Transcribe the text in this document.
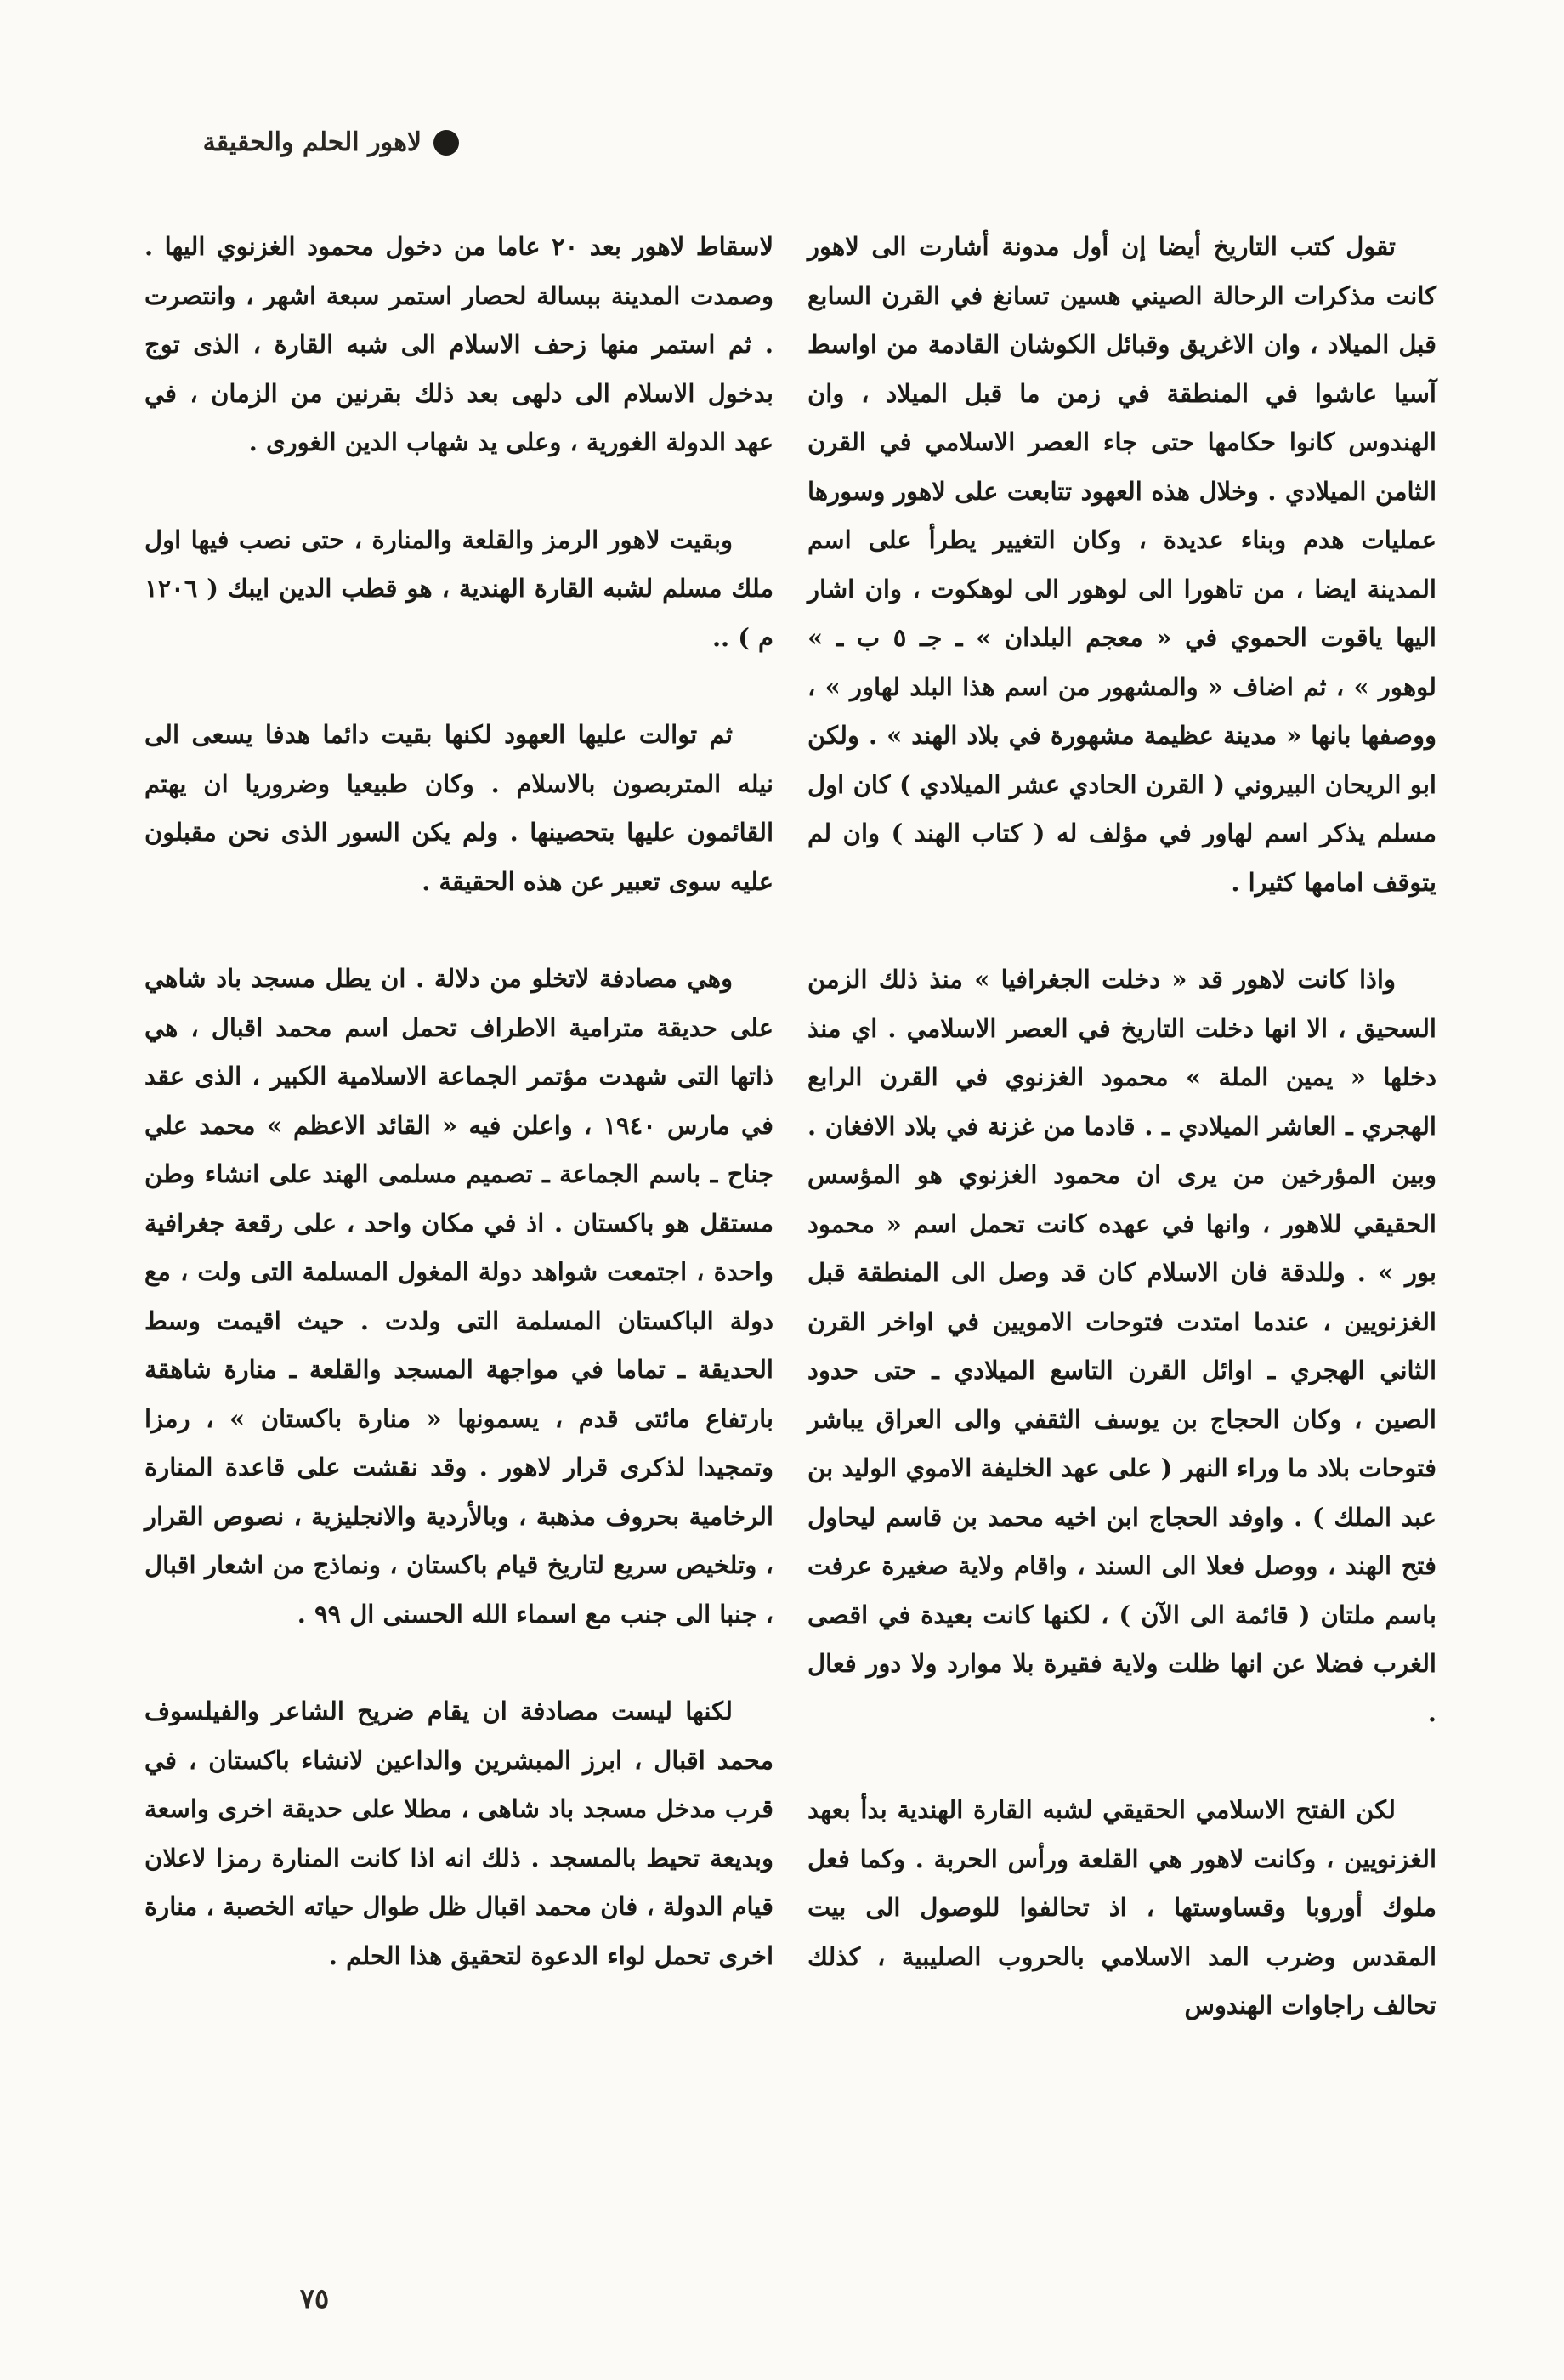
لاهور الحلم والحقيقة

تقول كتب التاريخ أيضا إن أول مدونة أشارت الى لاهور كانت مذكرات الرحالة الصيني هسين تسانغ في القرن السابع قبل الميلاد ، وان الاغريق وقبائل الكوشان القادمة من اواسط آسيا عاشوا في المنطقة في زمن ما قبل الميلاد ، وان الهندوس كانوا حكامها حتى جاء العصر الاسلامي في القرن الثامن الميلادي . وخلال هذه العهود تتابعت على لاهور وسورها عمليات هدم وبناء عديدة ، وكان التغيير يطرأ على اسم المدينة ايضا ، من تاهورا الى لوهور الى لوهكوت ، وان اشار اليها ياقوت الحموي في « معجم البلدان » ـ جـ ٥ ب ـ » لوهور » ، ثم اضاف « والمشهور من اسم هذا البلد لهاور » ، ووصفها بانها « مدينة عظيمة مشهورة في بلاد الهند » . ولكن ابو الريحان البيروني ( القرن الحادي عشر الميلادي ) كان اول مسلم يذكر اسم لهاور في مؤلف له ( كتاب الهند ) وان لم يتوقف امامها كثيرا .

واذا كانت لاهور قد « دخلت الجغرافيا » منذ ذلك الزمن السحيق ، الا انها دخلت التاريخ في العصر الاسلامي . اي منذ دخلها « يمين الملة » محمود الغزنوي في القرن الرابع الهجري ـ العاشر الميلادي ـ . قادما من غزنة في بلاد الافغان . وبين المؤرخين من يرى ان محمود الغزنوي هو المؤسس الحقيقي للاهور ، وانها في عهده كانت تحمل اسم « محمود بور » . وللدقة فان الاسلام كان قد وصل الى المنطقة قبل الغزنويين ، عندما امتدت فتوحات الامويين في اواخر القرن الثاني الهجري ـ اوائل القرن التاسع الميلادي ـ حتى حدود الصين ، وكان الحجاج بن يوسف الثقفي والى العراق يباشر فتوحات بلاد ما وراء النهر ( على عهد الخليفة الاموي الوليد بن عبد الملك ) . واوفد الحجاج ابن اخيه محمد بن قاسم ليحاول فتح الهند ، ووصل فعلا الى السند ، واقام ولاية صغيرة عرفت باسم ملتان ( قائمة الى الآن ) ، لكنها كانت بعيدة في اقصى الغرب فضلا عن انها ظلت ولاية فقيرة بلا موارد ولا دور فعال .

لكن الفتح الاسلامي الحقيقي لشبه القارة الهندية بدأ بعهد الغزنويين ، وكانت لاهور هي القلعة ورأس الحربة . وكما فعل ملوك أوروبا وقساوستها ، اذ تحالفوا للوصول الى بيت المقدس وضرب المد الاسلامي بالحروب الصليبية ، كذلك تحالف راجاوات الهندوس

لاسقاط لاهور بعد ٢٠ عاما من دخول محمود الغزنوي اليها . وصمدت المدينة ببسالة لحصار استمر سبعة اشهر ، وانتصرت . ثم استمر منها زحف الاسلام الى شبه القارة ، الذى توج بدخول الاسلام الى دلهى بعد ذلك بقرنين من الزمان ، في عهد الدولة الغورية ، وعلى يد شهاب الدين الغورى .

وبقيت لاهور الرمز والقلعة والمنارة ، حتى نصب فيها اول ملك مسلم لشبه القارة الهندية ، هو قطب الدين ايبك ( ١٢٠٦ م ) ..

ثم توالت عليها العهود لكنها بقيت دائما هدفا يسعى الى نيله المتربصون بالاسلام . وكان طبيعيا وضروريا ان يهتم القائمون عليها بتحصينها . ولم يكن السور الذى نحن مقبلون عليه سوى تعبير عن هذه الحقيقة .

وهي مصادفة لاتخلو من دلالة . ان يطل مسجد باد شاهي على حديقة مترامية الاطراف تحمل اسم محمد اقبال ، هي ذاتها التى شهدت مؤتمر الجماعة الاسلامية الكبير ، الذى عقد في مارس ١٩٤٠ ، واعلن فيه « القائد الاعظم » محمد علي جناح ـ باسم الجماعة ـ تصميم مسلمى الهند على انشاء وطن مستقل هو باكستان . اذ في مكان واحد ، على رقعة جغرافية واحدة ، اجتمعت شواهد دولة المغول المسلمة التى ولت ، مع دولة الباكستان المسلمة التى ولدت . حيث اقيمت وسط الحديقة ـ تماما في مواجهة المسجد والقلعة ـ منارة شاهقة بارتفاع مائتى قدم ، يسمونها « منارة باكستان » ، رمزا وتمجيدا لذكرى قرار لاهور . وقد نقشت على قاعدة المنارة الرخامية بحروف مذهبة ، وبالأردية والانجليزية ، نصوص القرار ، وتلخيص سريع لتاريخ قيام باكستان ، ونماذج من اشعار اقبال ، جنبا الى جنب مع اسماء الله الحسنى ال ٩٩ .

لكنها ليست مصادفة ان يقام ضريح الشاعر والفيلسوف محمد اقبال ، ابرز المبشرين والداعين لانشاء باكستان ، في قرب مدخل مسجد باد شاهى ، مطلا على حديقة اخرى واسعة وبديعة تحيط بالمسجد . ذلك انه اذا كانت المنارة رمزا لاعلان قيام الدولة ، فان محمد اقبال ظل طوال حياته الخصبة ، منارة اخرى تحمل لواء الدعوة لتحقيق هذا الحلم .

٧٥
